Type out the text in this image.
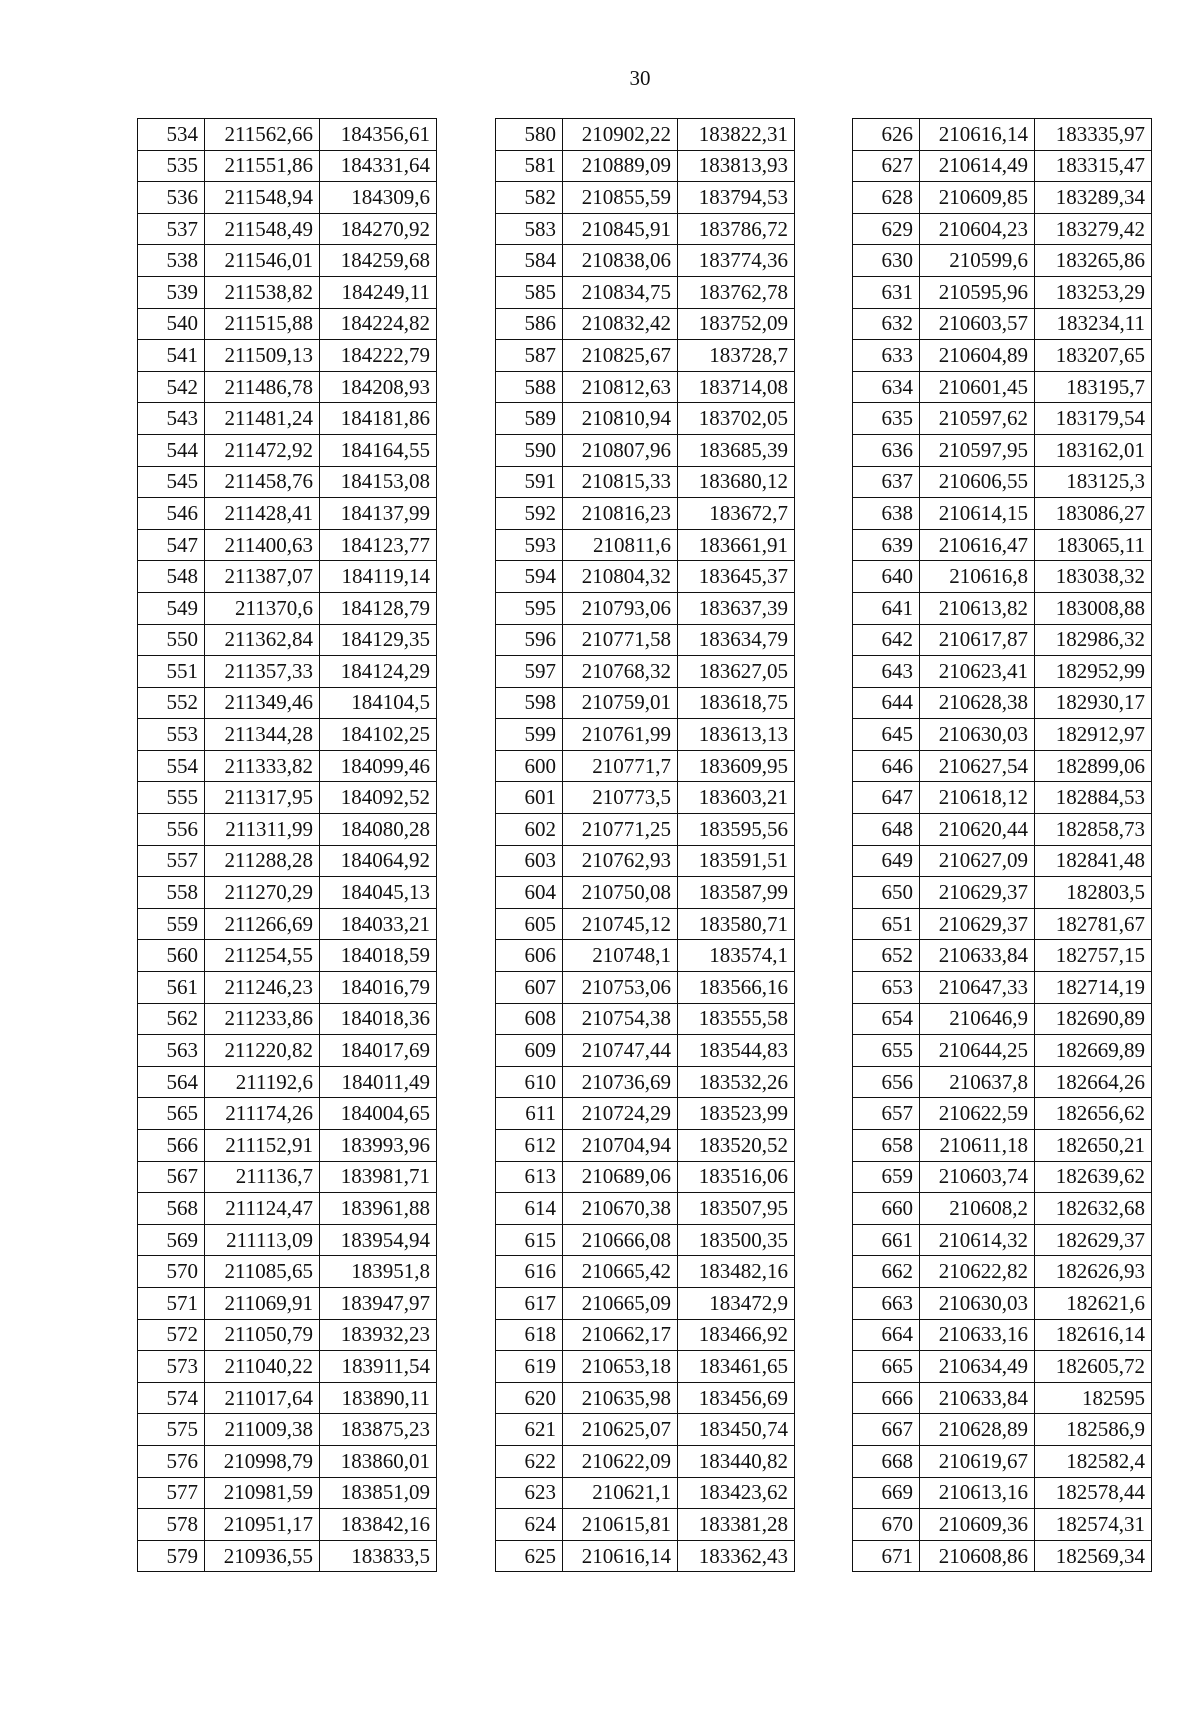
30
534	211562,66	184356,61
535	211551,86	184331,64
536	211548,94	184309,6
537	211548,49	184270,92
538	211546,01	184259,68
539	211538,82	184249,11
540	211515,88	184224,82
541	211509,13	184222,79
542	211486,78	184208,93
543	211481,24	184181,86
544	211472,92	184164,55
545	211458,76	184153,08
546	211428,41	184137,99
547	211400,63	184123,77
548	211387,07	184119,14
549	211370,6	184128,79
550	211362,84	184129,35
551	211357,33	184124,29
552	211349,46	184104,5
553	211344,28	184102,25
554	211333,82	184099,46
555	211317,95	184092,52
556	211311,99	184080,28
557	211288,28	184064,92
558	211270,29	184045,13
559	211266,69	184033,21
560	211254,55	184018,59
561	211246,23	184016,79
562	211233,86	184018,36
563	211220,82	184017,69
564	211192,6	184011,49
565	211174,26	184004,65
566	211152,91	183993,96
567	211136,7	183981,71
568	211124,47	183961,88
569	211113,09	183954,94
570	211085,65	183951,8
571	211069,91	183947,97
572	211050,79	183932,23
573	211040,22	183911,54
574	211017,64	183890,11
575	211009,38	183875,23
576	210998,79	183860,01
577	210981,59	183851,09
578	210951,17	183842,16
579	210936,55	183833,5
580	210902,22	183822,31
581	210889,09	183813,93
582	210855,59	183794,53
583	210845,91	183786,72
584	210838,06	183774,36
585	210834,75	183762,78
586	210832,42	183752,09
587	210825,67	183728,7
588	210812,63	183714,08
589	210810,94	183702,05
590	210807,96	183685,39
591	210815,33	183680,12
592	210816,23	183672,7
593	210811,6	183661,91
594	210804,32	183645,37
595	210793,06	183637,39
596	210771,58	183634,79
597	210768,32	183627,05
598	210759,01	183618,75
599	210761,99	183613,13
600	210771,7	183609,95
601	210773,5	183603,21
602	210771,25	183595,56
603	210762,93	183591,51
604	210750,08	183587,99
605	210745,12	183580,71
606	210748,1	183574,1
607	210753,06	183566,16
608	210754,38	183555,58
609	210747,44	183544,83
610	210736,69	183532,26
611	210724,29	183523,99
612	210704,94	183520,52
613	210689,06	183516,06
614	210670,38	183507,95
615	210666,08	183500,35
616	210665,42	183482,16
617	210665,09	183472,9
618	210662,17	183466,92
619	210653,18	183461,65
620	210635,98	183456,69
621	210625,07	183450,74
622	210622,09	183440,82
623	210621,1	183423,62
624	210615,81	183381,28
625	210616,14	183362,43
626	210616,14	183335,97
627	210614,49	183315,47
628	210609,85	183289,34
629	210604,23	183279,42
630	210599,6	183265,86
631	210595,96	183253,29
632	210603,57	183234,11
633	210604,89	183207,65
634	210601,45	183195,7
635	210597,62	183179,54
636	210597,95	183162,01
637	210606,55	183125,3
638	210614,15	183086,27
639	210616,47	183065,11
640	210616,8	183038,32
641	210613,82	183008,88
642	210617,87	182986,32
643	210623,41	182952,99
644	210628,38	182930,17
645	210630,03	182912,97
646	210627,54	182899,06
647	210618,12	182884,53
648	210620,44	182858,73
649	210627,09	182841,48
650	210629,37	182803,5
651	210629,37	182781,67
652	210633,84	182757,15
653	210647,33	182714,19
654	210646,9	182690,89
655	210644,25	182669,89
656	210637,8	182664,26
657	210622,59	182656,62
658	210611,18	182650,21
659	210603,74	182639,62
660	210608,2	182632,68
661	210614,32	182629,37
662	210622,82	182626,93
663	210630,03	182621,6
664	210633,16	182616,14
665	210634,49	182605,72
666	210633,84	182595
667	210628,89	182586,9
668	210619,67	182582,4
669	210613,16	182578,44
670	210609,36	182574,31
671	210608,86	182569,34
